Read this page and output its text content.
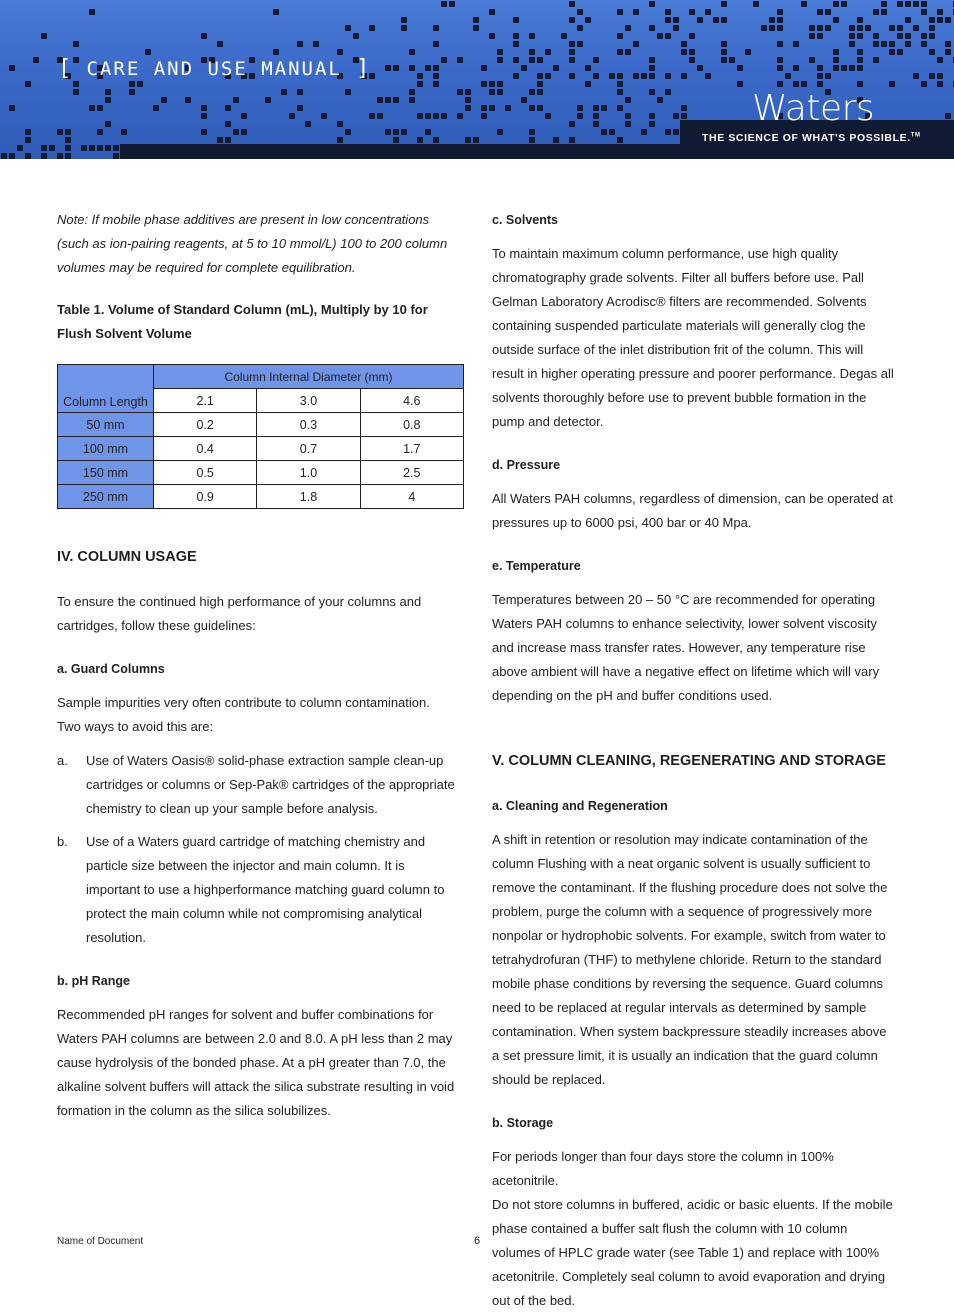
[ CARE AND USE MANUAL ]
Waters
THE SCIENCE OF WHAT'S POSSIBLE.™

Note: If mobile phase additives are present in low concentrations (such as ion-pairing reagents, at 5 to 10 mmol/L) 100 to 200 column volumes may be required for complete equilibration.

Table 1. Volume of Standard Column (mL), Multiply by 10 for Flush Solvent Volume
Column Length	Column Internal Diameter (mm)		
	2.1	3.0	4.6
50 mm	0.2	0.3	0.8
100 mm	0.4	0.7	1.7
150 mm	0.5	1.0	2.5
250 mm	0.9	1.8	4
IV. COLUMN USAGE

To ensure the continued high performance of your columns and cartridges, follow these guidelines:

a. Guard Columns

Sample impurities very often contribute to column contamination.
Two ways to avoid this are:

a.	Use of Waters Oasis® solid-phase extraction sample clean-up cartridges or columns or Sep-Pak® cartridges of the appropriate chemistry to clean up your sample before analysis.
b.	Use of a Waters guard cartridge of matching chemistry and particle size between the injector and main column. It is important to use a highperformance matching guard column to protect the main column while not compromising analytical resolution.
b. pH Range

Recommended pH ranges for solvent and buffer combinations for Waters PAH columns are between 2.0 and 8.0. A pH less than 2 may cause hydrolysis of the bonded phase. At a pH greater than 7.0, the alkaline solvent buffers will attack the silica substrate resulting in void formation in the column as the silica solubilizes.

c. Solvents

To maintain maximum column performance, use high quality chromatography grade solvents. Filter all buffers before use. Pall Gelman Laboratory Acrodisc® filters are recommended. Solvents containing suspended particulate materials will generally clog the outside surface of the inlet distribution frit of the column. This will result in higher operating pressure and poorer performance. Degas all solvents thoroughly before use to prevent bubble formation in the pump and detector.

d. Pressure

All Waters PAH columns, regardless of dimension, can be operated at pressures up to 6000 psi, 400 bar or 40 Mpa.

e. Temperature

Temperatures between 20 – 50 °C are recommended for operating Waters PAH columns to enhance selectivity, lower solvent viscosity and increase mass transfer rates. However, any temperature rise above ambient will have a negative effect on lifetime which will vary depending on the pH and buffer conditions used.

V. COLUMN CLEANING, REGENERATING AND STORAGE
a. Cleaning and Regeneration

A shift in retention or resolution may indicate contamination of the column Flushing with a neat organic solvent is usually sufficient to remove the contaminant. If the flushing procedure does not solve the problem, purge the column with a sequence of progressively more nonpolar or hydrophobic solvents. For example, switch from water to tetrahydrofuran (THF) to methylene chloride. Return to the standard mobile phase conditions by reversing the sequence. Guard columns need to be replaced at regular intervals as determined by sample contamination. When system backpressure steadily increases above a set pressure limit, it is usually an indication that the guard column should be replaced.

b. Storage

For periods longer than four days store the column in 100% acetonitrile.
Do not store columns in buffered, acidic or basic eluents. If the mobile phase contained a buffer salt flush the column with 10 column volumes of HPLC grade water (see Table 1) and replace with 100% acetonitrile. Completely seal column to avoid evaporation and drying out of the bed.

Name of Document	6
